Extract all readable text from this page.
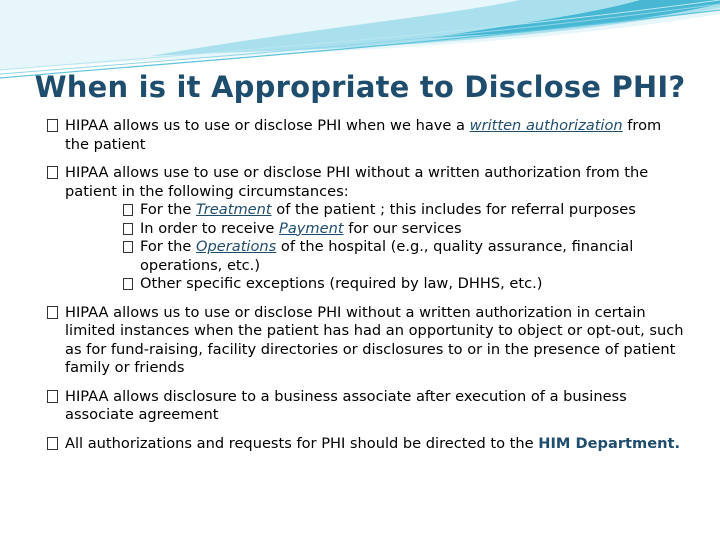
When is it Appropriate to Disclose PHI?
HIPAA allows us to use or disclose PHI when we have a written authorization from the patient
HIPAA allows use to use or disclose PHI without a written authorization from the patient in the following circumstances:
For the Treatment of the patient ; this includes for referral purposes
In order to receive Payment for our services
For the Operations of the hospital (e.g., quality assurance, financial operations, etc.)
Other specific exceptions (required by law, DHHS, etc.)
HIPAA allows us to use or disclose PHI without a written authorization in certain limited instances when the patient has had an opportunity to object or opt-out, such as for fund-raising, facility directories or disclosures to or in the presence of patient family or friends
HIPAA allows disclosure to a business associate after execution of a business associate agreement
All authorizations and requests for PHI should be directed to the HIM Department.
